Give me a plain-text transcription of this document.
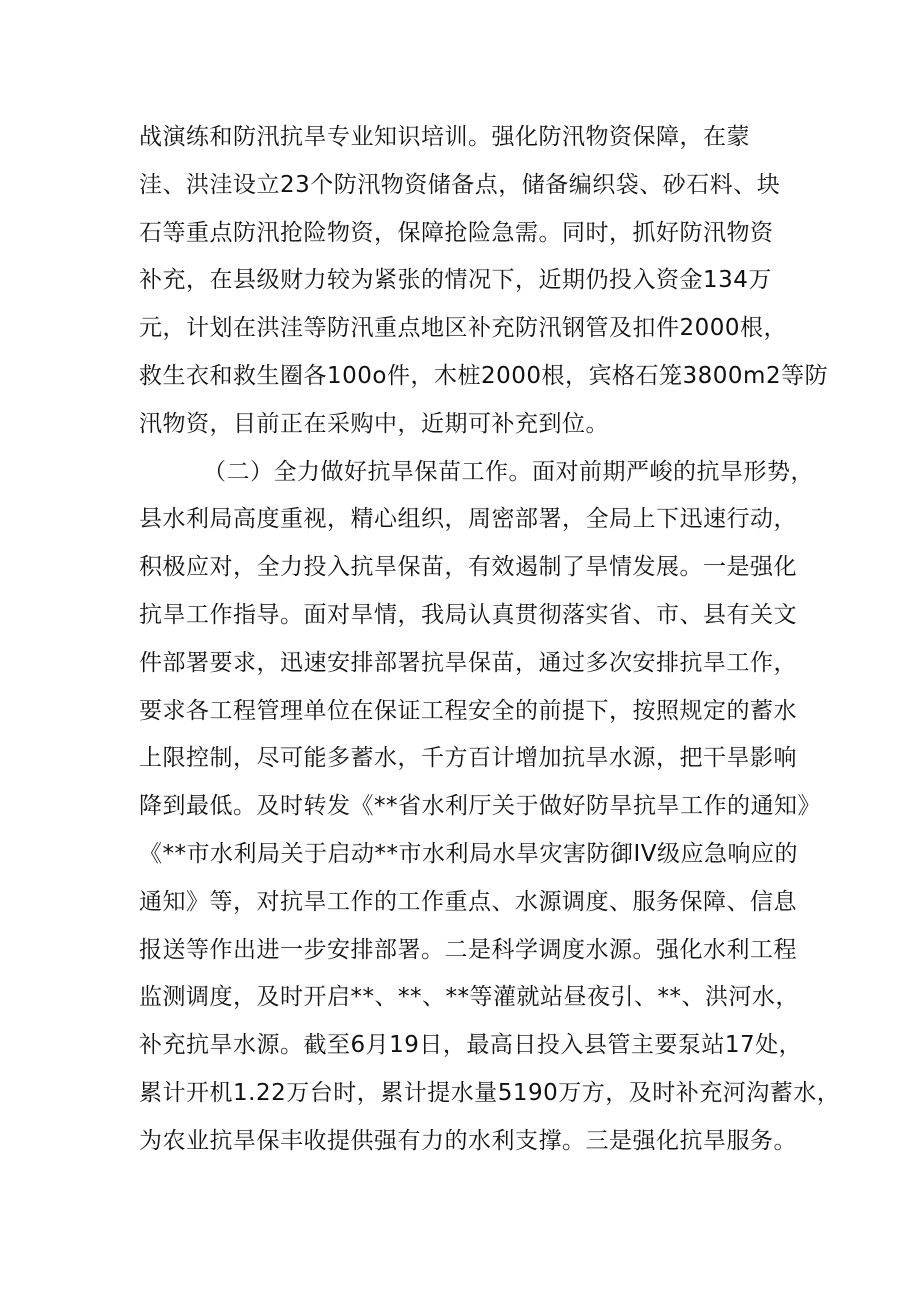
战演练和防汛抗旱专业知识培训。强化防汛物资保障，在蒙
洼、洪洼设立23个防汛物资储备点，储备编织袋、砂石料、块
石等重点防汛抢险物资，保障抢险急需。同时，抓好防汛物资
补充，在县级财力较为紧张的情况下，近期仍投入资金134万
元，计划在洪洼等防汛重点地区补充防汛钢管及扣件2000根，
救生衣和救生圈各100o件，木桩2000根，宾格石笼3800m2等防
汛物资，目前正在采购中，近期可补充到位。
（二）全力做好抗旱保苗工作。面对前期严峻的抗旱形势，
县水利局高度重视，精心组织，周密部署，全局上下迅速行动，
积极应对，全力投入抗旱保苗，有效遏制了旱情发展。一是强化
抗旱工作指导。面对旱情，我局认真贯彻落实省、市、县有关文
件部署要求，迅速安排部署抗旱保苗，通过多次安排抗旱工作，
要求各工程管理单位在保证工程安全的前提下，按照规定的蓄水
上限控制，尽可能多蓄水，千方百计增加抗旱水源，把干旱影响
降到最低。及时转发《**省水利厅关于做好防旱抗旱工作的通知》
《**市水利局关于启动**市水利局水旱灾害防御IV级应急响应的
通知》等，对抗旱工作的工作重点、水源调度、服务保障、信息
报送等作出进一步安排部署。二是科学调度水源。强化水利工程
监测调度，及时开启**、**、**等灌就站昼夜引、**、洪河水，
补充抗旱水源。截至6月19日，最高日投入县管主要泵站17处，
累计开机1.22万台时，累计提水量5190万方，及时补充河沟蓄水，
为农业抗旱保丰收提供强有力的水利支撑。三是强化抗旱服务。
